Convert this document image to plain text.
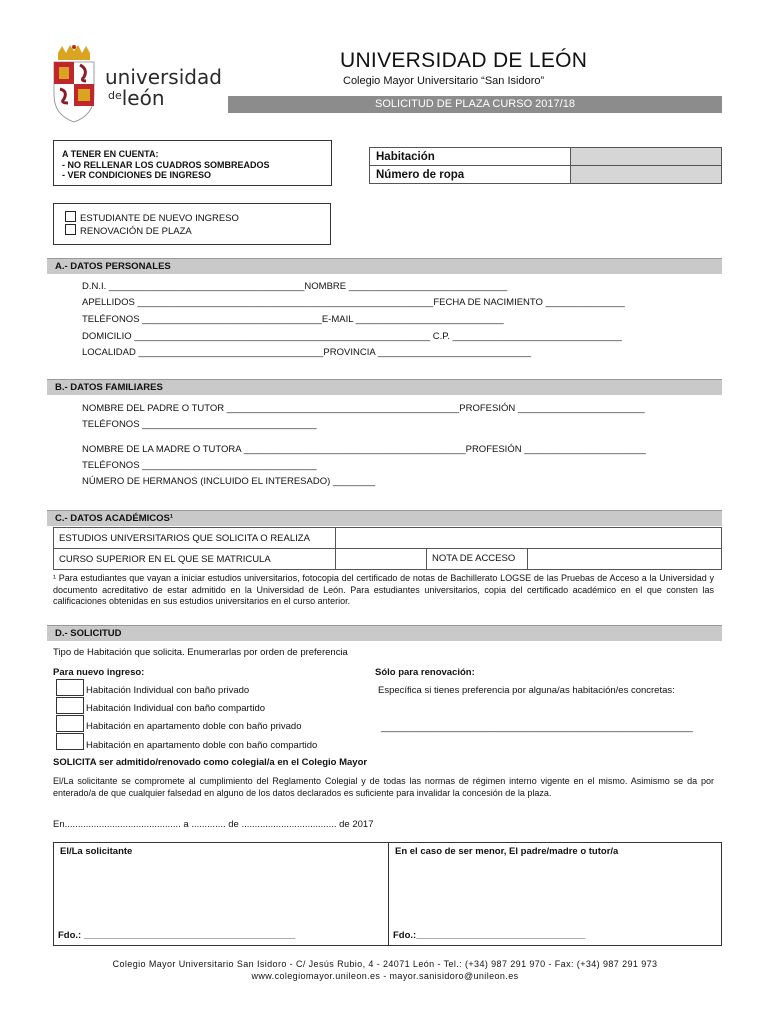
universidad
$^{de}$león
UNIVERSIDAD DE LEÓN
Colegio Mayor Universitario “San Isidoro”
SOLICITUD DE PLAZA CURSO 2017/18
A TENER EN CUENTA:
- NO RELLENAR LOS CUADROS SOMBREADOS
- VER CONDICIONES DE INGRESO
Habitación	
Número de ropa	
ESTUDIANTE DE NUEVO INGRESO
RENOVACIÓN DE PLAZA
A.- DATOS PERSONALES
D.N.I. _____________________________________NOMBRE ______________________________
APELLIDOS ________________________________________________________FECHA DE NACIMIENTO _______________
TELÉFONOS __________________________________E-MAIL ____________________________
DOMICILIO ________________________________________________________ C.P. ________________________________
LOCALIDAD ___________________________________PROVINCIA _____________________________
B.- DATOS FAMILIARES
NOMBRE DEL PADRE O TUTOR ____________________________________________PROFESIÓN ________________________
TELÉFONOS _________________________________
NOMBRE DE LA MADRE O TUTORA __________________________________________PROFESIÓN _______________________
TELÉFONOS _________________________________
NÚMERO DE HERMANOS (INCLUIDO EL INTERESADO) ________
C.- DATOS ACADÉMICOS¹
ESTUDIOS UNIVERSITARIOS QUE SOLICITA O REALIZA		
CURSO SUPERIOR EN EL QUE SE MATRICULA		NOTA DE ACCESO
¹ Para estudiantes que vayan a iniciar estudios universitarios, fotocopia del certificado de notas de Bachillerato LOGSE de las Pruebas de Acceso a la Universidad y documento acreditativo de estar admitido en la Universidad de León. Para estudiantes universitarios, copia del certificado académico en el que consten las calificaciones obtenidas en sus estudios universitarios en el curso anterior.
D.- SOLICITUD
Tipo de Habitación que solicita. Enumerarlas por orden de preferencia
Para nuevo ingreso:	Sólo para renovación:
Habitación Individual con baño privado
Habitación Individual con baño compartido
Habitación en apartamento doble con baño privado
Habitación en apartamento doble con baño compartido
Específica si tienes preferencia por alguna/as habitación/es concretas:
___________________________________________________________
SOLICITA ser admitido/renovado como colegial/a en el Colegio Mayor
El/La solicitante se compromete al cumplimiento del Reglamento Colegial y de todas las normas de régimen interno vigente en el mismo. Asimismo se da por enterado/a de que cualquier falsedad en alguno de los datos declarados es suficiente para invalidar la concesión de la plaza.
En............................................ a ............. de .................................... de 2017
El/La solicitante
Fdo.: ________________________________________

En el caso de ser menor, El padre/madre o tutor/a
Fdo.:________________________________
Colegio Mayor Universitario San Isidoro - C/ Jesús Rubio, 4 - 24071 León - Tel.: (+34) 987 291 970 - Fax: (+34) 987 291 973
www.colegiomayor.unileon.es - mayor.sanisidoro@unileon.es
